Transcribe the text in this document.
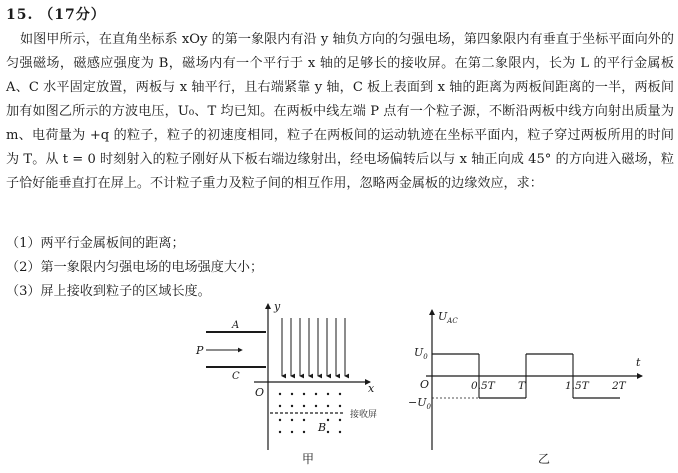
15. （17分）
如图甲所示，在直角坐标系 xOy 的第一象限内有沿 y 轴负方向的匀强电场，第四象限内有垂直于坐标平面向外的匀强磁场，磁感应强度为 B，磁场内有一个平行于 x 轴的足够长的接收屏。在第二象限内，长为 L 的平行金属板 A、C 水平固定放置，两板与 x 轴平行，且右端紧靠 y 轴，C 板上表面到 x 轴的距离为两板间距离的一半，两板间加有如图乙所示的方波电压，U₀、T 均已知。在两板中线左端 P 点有一个粒子源，不断沿两板中线方向射出质量为 m、电荷量为 +q 的粒子，粒子的初速度相同，粒子在两板间的运动轨迹在坐标平面内，粒子穿过两板所用的时间为 T。从 t = 0 时刻射入的粒子刚好从下板右端边缘射出，经电场偏转后以与 x 轴正向成 45° 的方向进入磁场，粒子恰好能垂直打在屏上。不计粒子重力及粒子间的相互作用，忽略两金属板的边缘效应，求：
（1）两平行金属板间的距离；
（2）第一象限内匀强电场的电场强度大小；
（3）屏上接收到粒子的区域长度。
y
x
O
A
C
P
接收屏
B
甲
$U_{AC}$
t
O
$U_0$
$-U_0$
0.5T T	1.5T 2T
乙
